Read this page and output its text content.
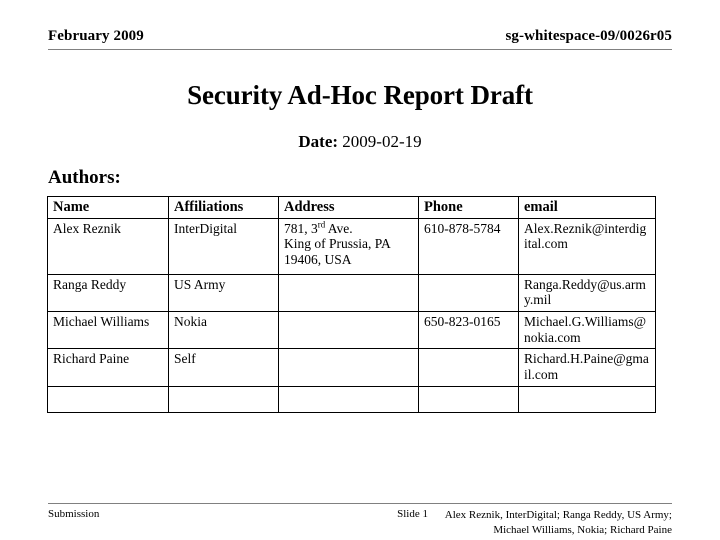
February 2009	sg-whitespace-09/0026r05
Security Ad-Hoc Report Draft
Date: 2009-02-19
Authors:
Name	Affiliations	Address	Phone	email
Alex Reznik	InterDigital	781, 3rd Ave.
King of Prussia, PA
19406, USA	610-878-5784	Alex.Reznik@interdigital.com
Ranga Reddy	US Army			Ranga.Reddy@us.army.mil
Michael Williams	Nokia		650-823-0165	Michael.G.Williams@nokia.com
Richard Paine	Self			Richard.H.Paine@gmail.com

Submission	Slide 1	Alex Reznik, InterDigital; Ranga Reddy, US Army;
Michael Williams, Nokia; Richard Paine
